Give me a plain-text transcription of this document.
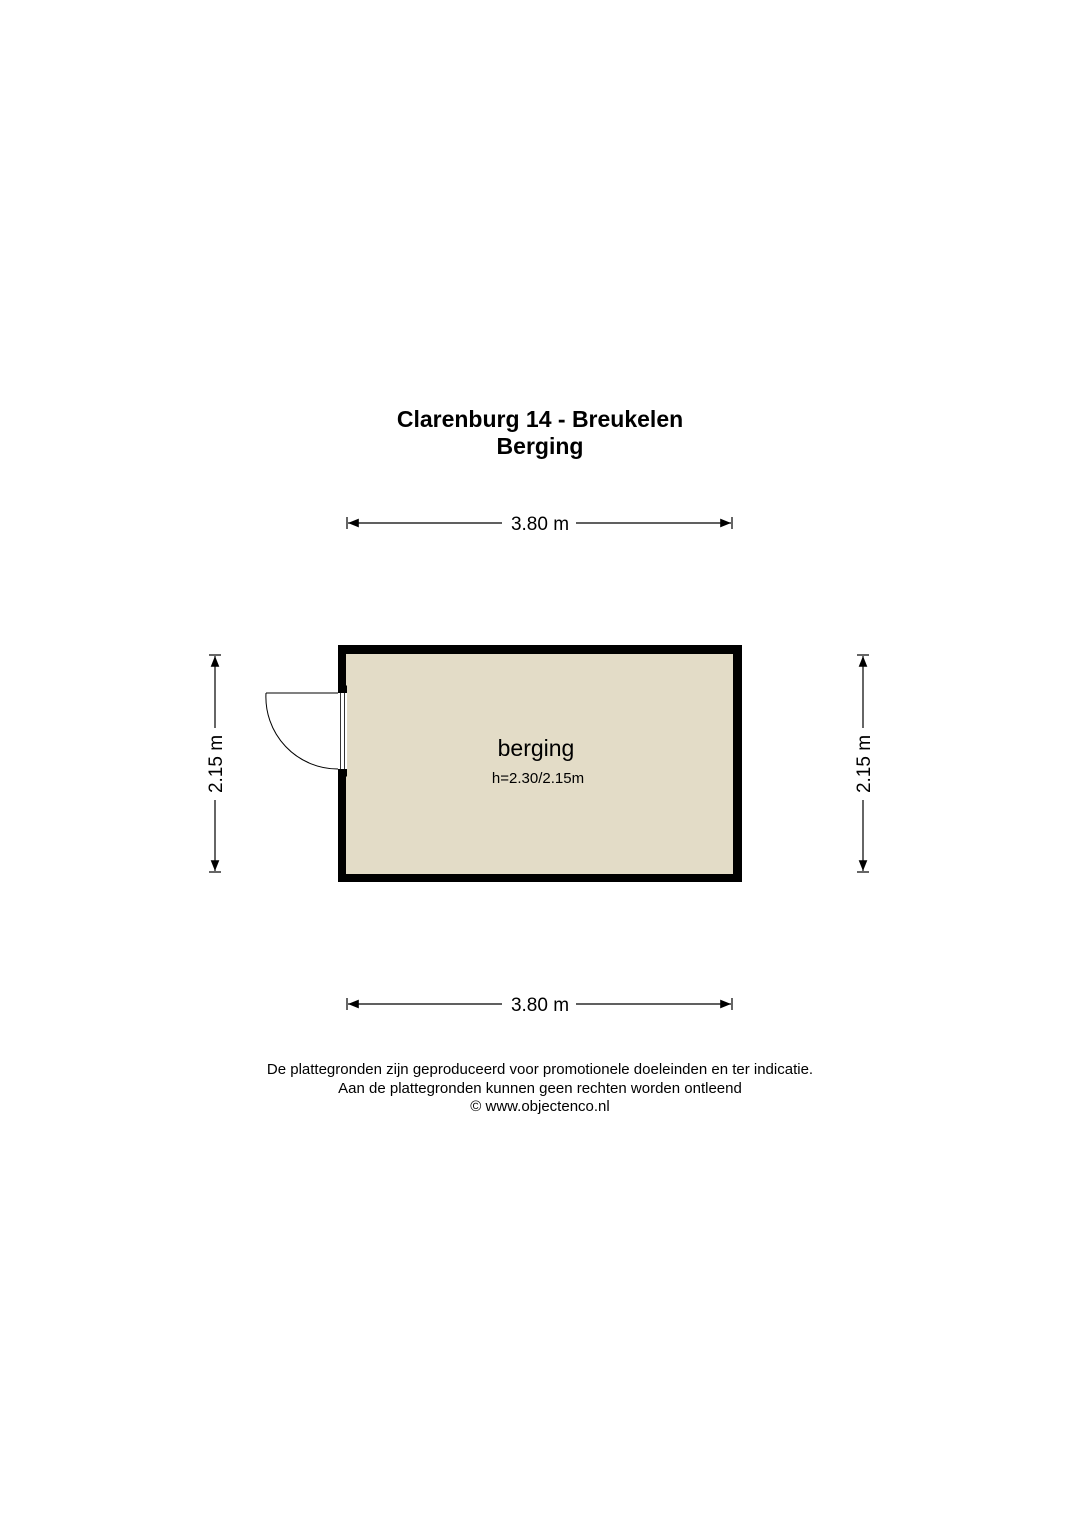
Clarenburg 14 - Breukelen
Berging
3.80 m
3.80 m
2.15 m	2.15 m
berging
h=2.30/2.15m
De plattegronden zijn geproduceerd voor promotionele doeleinden en ter indicatie.
Aan de plattegronden kunnen geen rechten worden ontleend
© www.objectenco.nl
